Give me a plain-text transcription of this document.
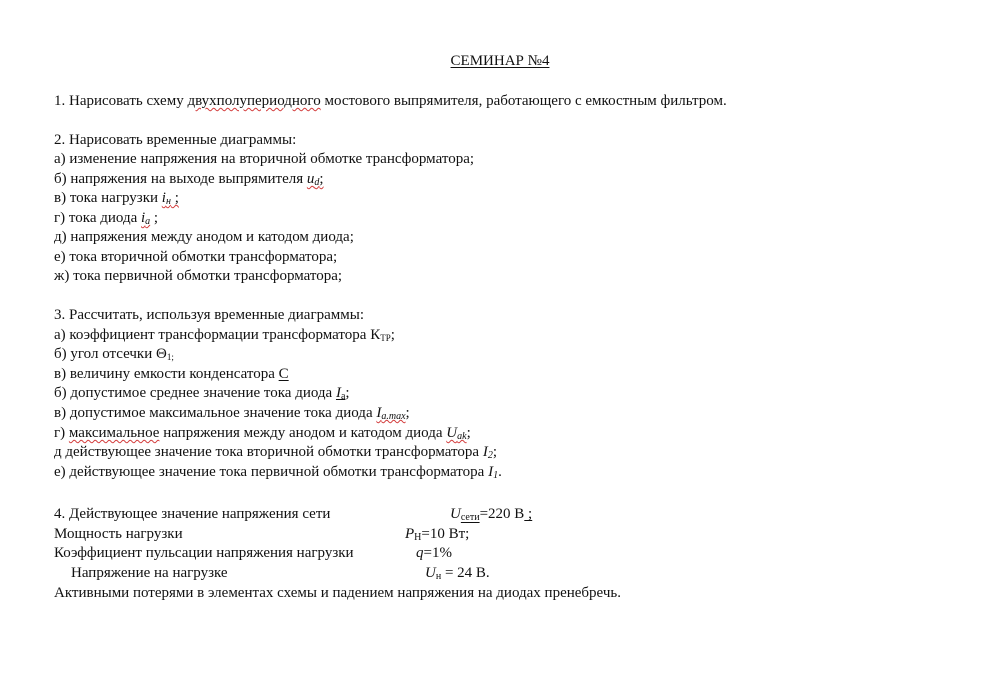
СЕМИНАР №4
1. Нарисовать схему двухполупериодного мостового выпрямителя, работающего с емкостным фильтром.
2. Нарисовать временные диаграммы:
а) изменение напряжения на вторичной обмотке трансформатора;
б) напряжения на выходе выпрямителя $u_d$;
в) тока нагрузки $i_н$ ;
г) тока диода $i_a$ ;
д) напряжения между анодом и катодом диода;
е) тока вторичной обмотки трансформатора;
ж) тока первичной обмотки трансформатора;
3. Рассчитать, используя временные диаграммы:
а) коэффициент трансформации трансформатора КТР;
б) угол отсечки Θ1;
в) величину емкости конденсатора С
б) допустимое среднее значение тока диода $I_а$;
в) допустимое максимальное значение тока диода $I_{a.max}$;
г) максимальное напряжения между анодом и катодом диода $U_{ak}$;
д действующее значение тока вторичной обмотки трансформатора $I_2$;
е) действующее значение тока первичной обмотки трансформатора $I_1$.
4. Действующее значение напряжения сети	$U_{сети}=220$ В ;
Мощность нагрузки	$P_Н=10$ Вт;
Коэффициент пульсации напряжения нагрузки	q=1%
Напряжение на нагрузке	$U_н = 24$ В.
Активными потерями в элементах схемы и падением напряжения на диодах пренебречь.
